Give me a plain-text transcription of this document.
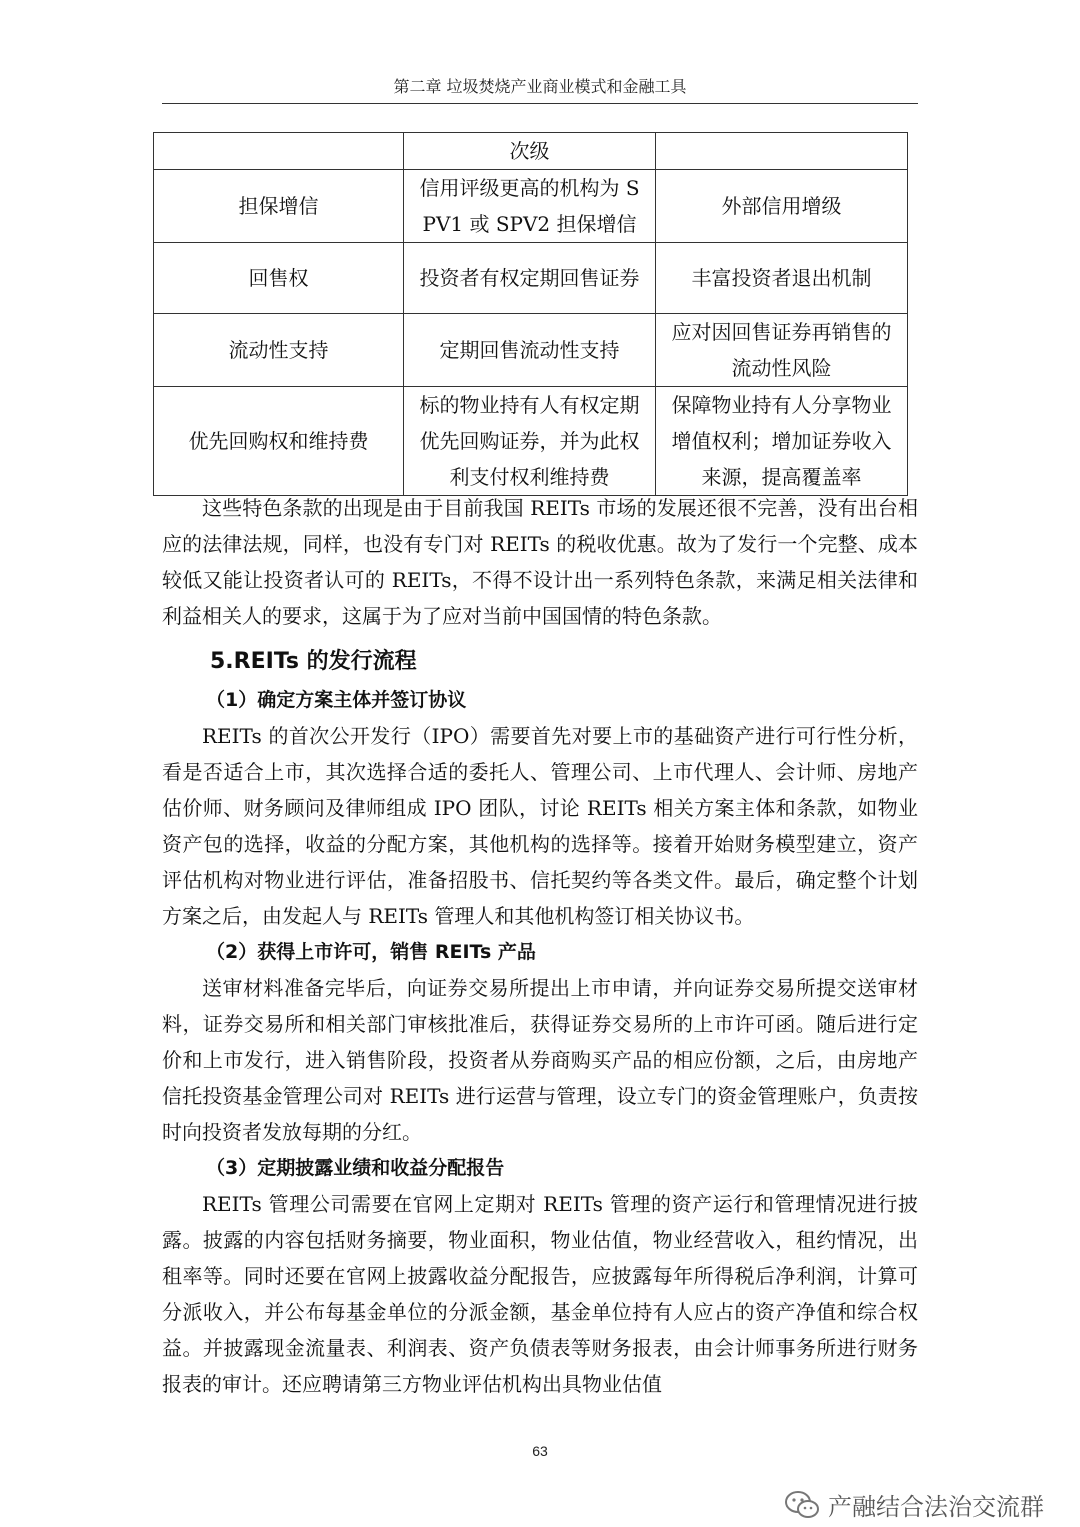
第二章 垃圾焚烧产业商业模式和金融工具
	次级	
担保增信	信用评级更高的机构为 SPV1 或 SPV2 担保增信	外部信用增级
回售权	投资者有权定期回售证券	丰富投资者退出机制
流动性支持	定期回售流动性支持	应对因回售证券再销售的流动性风险
优先回购权和维持费	标的物业持有人有权定期优先回购证券，并为此权利支付权利维持费	保障物业持有人分享物业增值权利；增加证券收入来源，提高覆盖率

这些特色条款的出现是由于目前我国 REITs 市场的发展还很不完善，没有出台相应的法律法规，同样，也没有专门对 REITs 的税收优惠。故为了发行一个完整、成本较低又能让投资者认可的 REITs，不得不设计出一系列特色条款，来满足相关法律和利益相关人的要求，这属于为了应对当前中国国情的特色条款。

5.REITs 的发行流程

（1）确定方案主体并签订协议

REITs 的首次公开发行（IPO）需要首先对要上市的基础资产进行可行性分析，看是否适合上市，其次选择合适的委托人、管理公司、上市代理人、会计师、房地产估价师、财务顾问及律师组成 IPO 团队，讨论 REITs 相关方案主体和条款，如物业资产包的选择，收益的分配方案，其他机构的选择等。接着开始财务模型建立，资产评估机构对物业进行评估，准备招股书、信托契约等各类文件。最后，确定整个计划方案之后，由发起人与 REITs 管理人和其他机构签订相关协议书。

（2）获得上市许可，销售 REITs 产品

送审材料准备完毕后，向证券交易所提出上市申请，并向证券交易所提交送审材料，证券交易所和相关部门审核批准后，获得证券交易所的上市许可函。随后进行定价和上市发行，进入销售阶段，投资者从券商购买产品的相应份额，之后，由房地产信托投资基金管理公司对 REITs 进行运营与管理，设立专门的资金管理账户，负责按时向投资者发放每期的分红。

（3）定期披露业绩和收益分配报告

REITs 管理公司需要在官网上定期对 REITs 管理的资产运行和管理情况进行披露。披露的内容包括财务摘要，物业面积，物业估值，物业经营收入，租约情况，出租率等。同时还要在官网上披露收益分配报告，应披露每年所得税后净利润，计算可分派收入，并公布每基金单位的分派金额，基金单位持有人应占的资产净值和综合权益。并披露现金流量表、利润表、资产负债表等财务报表，由会计师事务所进行财务报表的审计。还应聘请第三方物业评估机构出具物业估值

63
产融结合法治交流群
